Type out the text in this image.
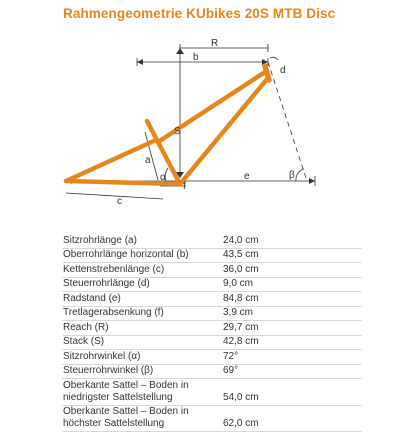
Rahmengeometrie KUbikes 20S MTB Disc
R
b
d
S
a
α
f
e	β
c
Sitzrohrlänge (a)	24,0 cm
Oberrohrlänge horizontal (b)	43,5 cm
Kettenstrebenlänge (c)	36,0 cm
Steuerrohrlänge (d)	9,0 cm
Radstand (e)	84,8 cm
Tretlagerabsenkung (f)	3,9 cm
Reach (R)	29,7 cm
Stack (S)	42,8 cm
Sitzrohrwinkel (α)	72°
Steuerrohrwinkel (β)	69°
Oberkante Sattel – Boden in niedrigster Sattelstellung	54,0 cm
Oberkante Sattel – Boden in höchster Sattelstellung	62,0 cm
